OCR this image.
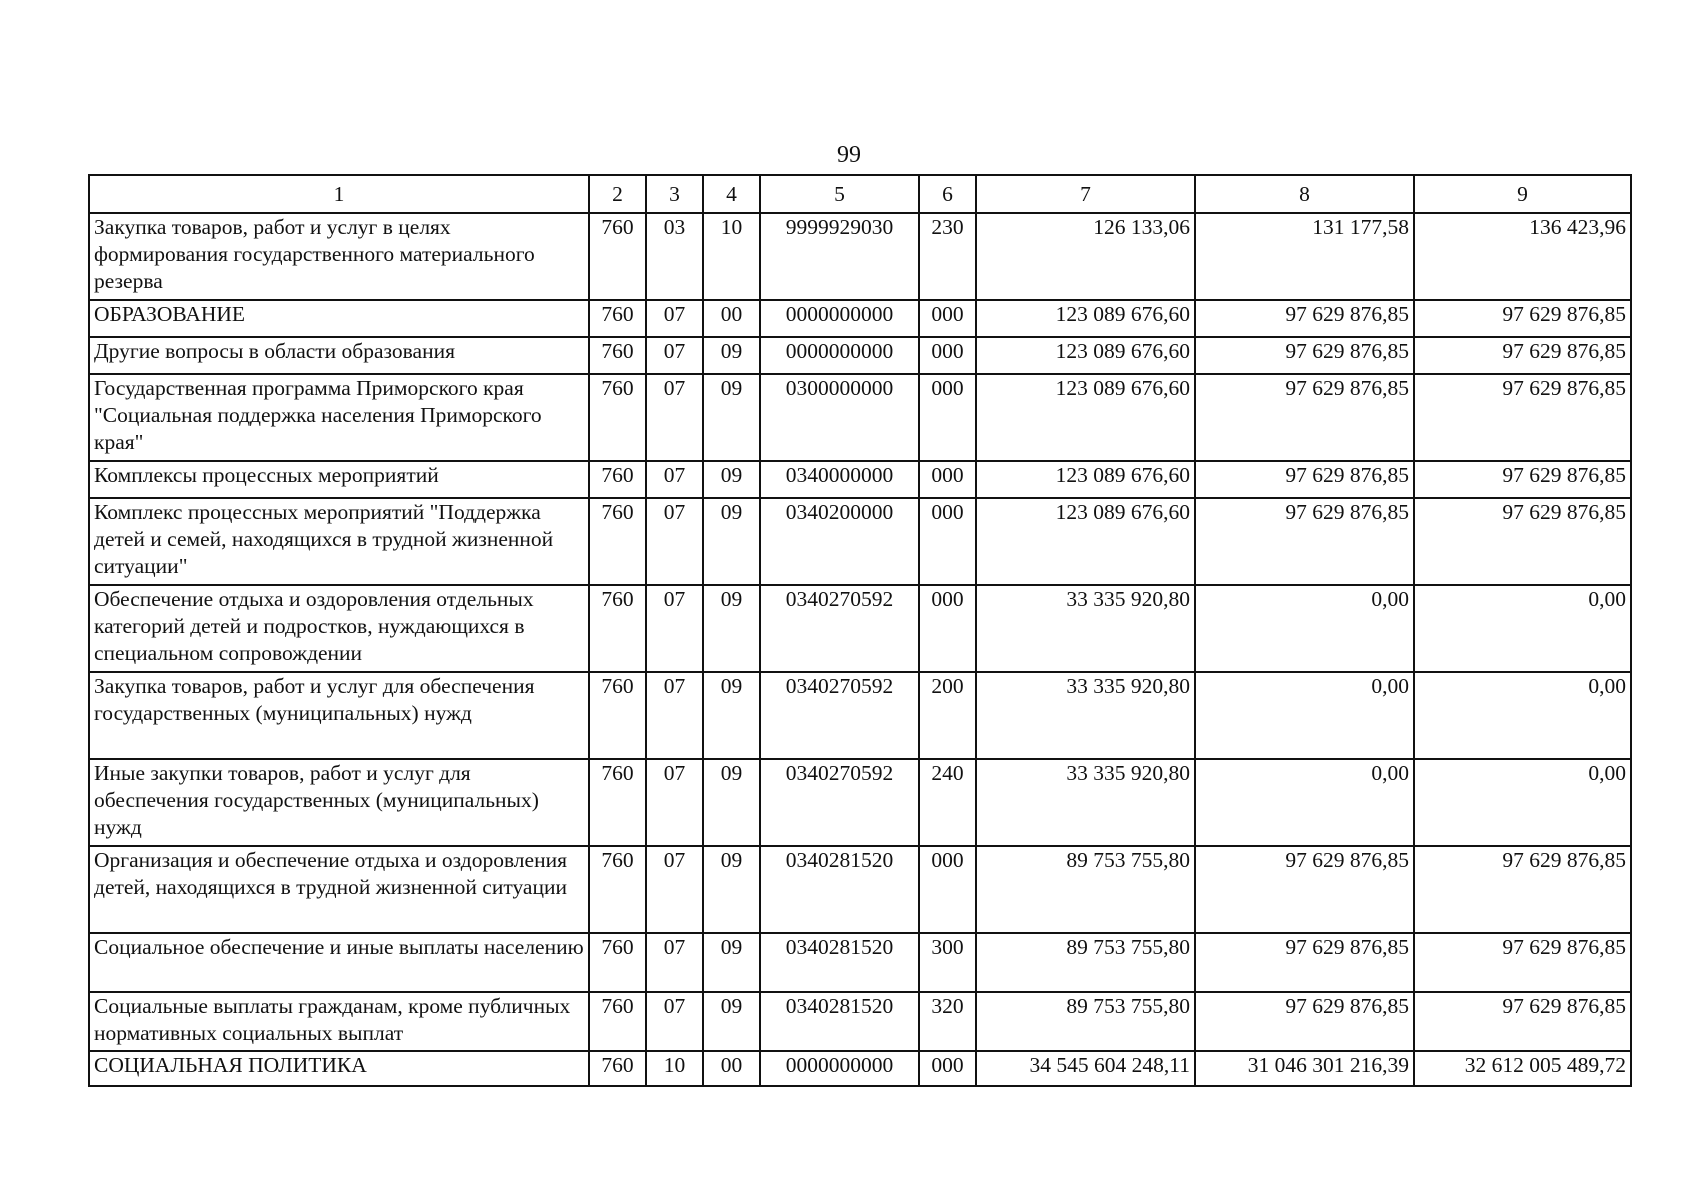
99
1	2	3	4	5	6	7	8	9
Закупка товаров, работ и услуг в целях формирования государственного материального резерва	760	03	10	9999929030	230	126 133,06	131 177,58	136 423,96
ОБРАЗОВАНИЕ	760	07	00	0000000000	000	123 089 676,60	97 629 876,85	97 629 876,85
Другие вопросы в области образования	760	07	09	0000000000	000	123 089 676,60	97 629 876,85	97 629 876,85
Государственная программа Приморского края "Социальная поддержка населения Приморского края"	760	07	09	0300000000	000	123 089 676,60	97 629 876,85	97 629 876,85
Комплексы процессных мероприятий	760	07	09	0340000000	000	123 089 676,60	97 629 876,85	97 629 876,85
Комплекс процессных мероприятий "Поддержка детей и семей, находящихся в трудной жизненной ситуации"	760	07	09	0340200000	000	123 089 676,60	97 629 876,85	97 629 876,85
Обеспечение отдыха и оздоровления отдельных категорий детей и подростков, нуждающихся в специальном сопровождении	760	07	09	0340270592	000	33 335 920,80	0,00	0,00
Закупка товаров, работ и услуг для обеспечения государственных (муниципальных) нужд	760	07	09	0340270592	200	33 335 920,80	0,00	0,00
Иные закупки товаров, работ и услуг для обеспечения государственных (муниципальных) нужд	760	07	09	0340270592	240	33 335 920,80	0,00	0,00
Организация и обеспечение отдыха и оздоровления детей, находящихся в трудной жизненной ситуации	760	07	09	0340281520	000	89 753 755,80	97 629 876,85	97 629 876,85
Социальное обеспечение и иные выплаты населению	760	07	09	0340281520	300	89 753 755,80	97 629 876,85	97 629 876,85
Социальные выплаты гражданам, кроме публичных нормативных социальных выплат	760	07	09	0340281520	320	89 753 755,80	97 629 876,85	97 629 876,85
СОЦИАЛЬНАЯ ПОЛИТИКА	760	10	00	0000000000	000	34 545 604 248,11	31 046 301 216,39	32 612 005 489,72
